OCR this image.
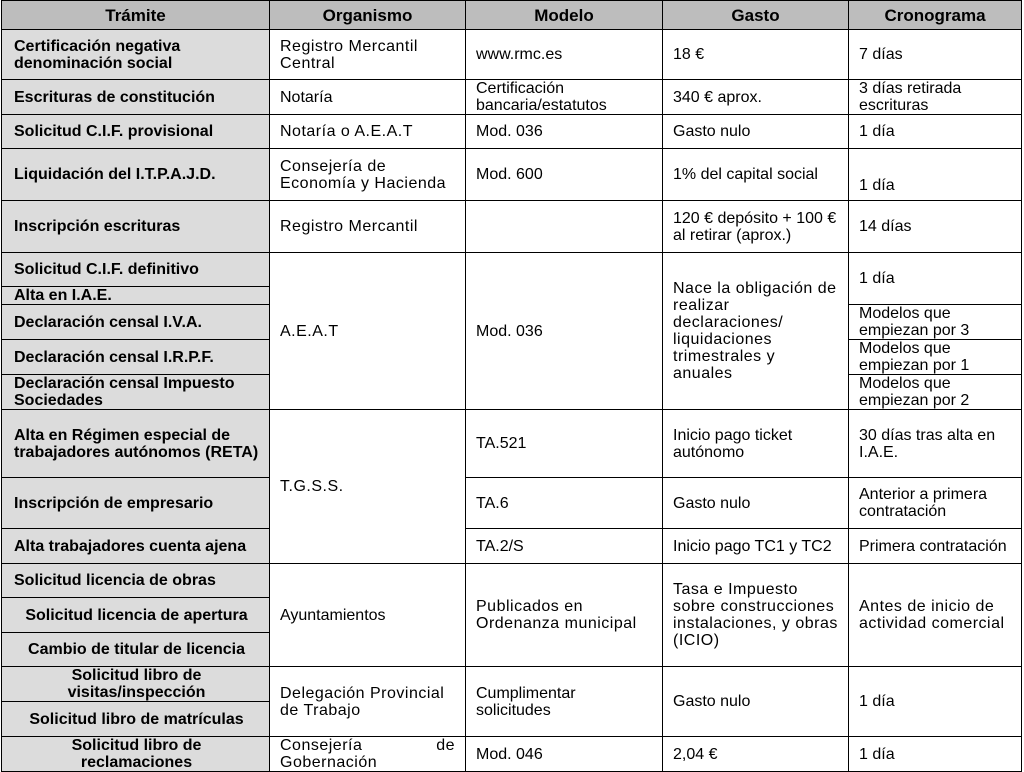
Trámite	Organismo	Modelo	Gasto	Cronograma
Certificación negativa denominación social	Registro Mercantil Central	www.rmc.es	18 €	7 días
Escrituras de constitución	Notaría	Certificación bancaria/estatutos	340 € aprox.	3 días retirada escrituras
Solicitud C.I.F. provisional	Notaría o A.E.A.T	Mod. 036	Gasto nulo	1 día
Liquidación del I.T.P.A.J.D.	Consejería de Economía y Hacienda	Mod. 600	1% del capital social	1 día
Inscripción escrituras	Registro Mercantil		120 € depósito + 100 € al retirar (aprox.)	14 días
Solicitud C.I.F. definitivo	A.E.A.T	Mod. 036	Nace la obligación de realizar declaraciones/ liquidaciones trimestrales y anuales	1 día
Alta en I.A.E.				
Declaración censal I.V.A.				Modelos que empiezan por 3
Declaración censal I.R.P.F.				Modelos que empiezan por 1
Declaración censal Impuesto Sociedades				Modelos que empiezan por 2
Alta en Régimen especial de trabajadores autónomos (RETA)	T.G.S.S.	TA.521	Inicio pago ticket autónomo	30 días tras alta en I.A.E.
Inscripción de empresario		TA.6	Gasto nulo	Anterior a primera contratación
Alta trabajadores cuenta ajena		TA.2/S	Inicio pago TC1 y TC2	Primera contratación
Solicitud licencia de obras	Ayuntamientos	Publicados en Ordenanza municipal	Tasa e Impuesto sobre construcciones instalaciones, y obras (ICIO)	Antes de inicio de actividad comercial
Solicitud licencia de apertura				
Cambio de titular de licencia				
Solicitud libro de visitas/inspección	Delegación Provincial de Trabajo	Cumplimentar solicitudes	Gasto nulo	1 día
Solicitud libro de matrículas				
Solicitud libro de reclamaciones	Consejería de Gobernación	Mod. 046	2,04 €	1 día
